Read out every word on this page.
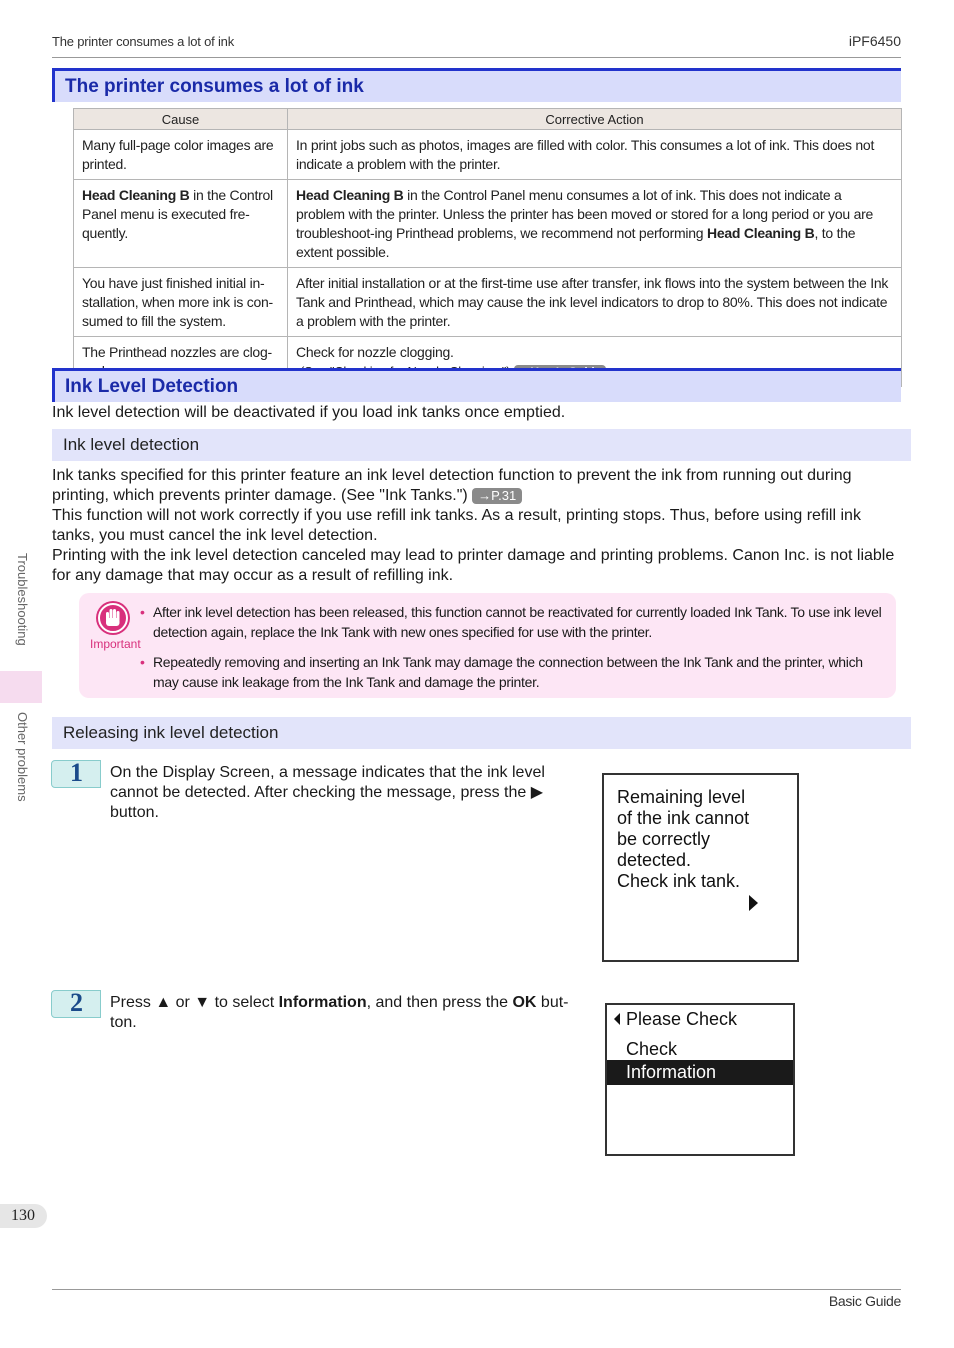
The printer consumes a lot of ink	iPF6450
The printer consumes a lot of ink
Cause	Corrective Action
Many full-page color images are printed.	In print jobs such as photos, images are filled with color. This consumes a lot of ink. This does not indicate a problem with the printer.
Head Cleaning B in the Control Panel menu is executed fre-quently.	Head Cleaning B in the Control Panel menu consumes a lot of ink. This does not indicate a problem with the printer. Unless the printer has been moved or stored for a long period or you are troubleshoot-ing Printhead problems, we recommend not performing Head Cleaning B, to the extent possible.
You have just finished initial in-stallation, when more ink is con-sumed to fill the system.	After initial installation or at the first-time use after transfer, ink flows into the system between the Ink Tank and Printhead, which may cause the ink level indicators to drop to 80%. This does not indicate a problem with the printer.
The Printhead nozzles are clog-	Check for nozzle clogging.

Ink Level Detection
Ink level detection will be deactivated if you load ink tanks once emptied.
Ink level detection
Ink tanks specified for this printer feature an ink level detection function to prevent the ink from running out during printing, which prevents printer damage. (See "Ink Tanks.") →P.31
This function will not work correctly if you use refill ink tanks. As a result, printing stops. Thus, before using refill ink tanks, you must cancel the ink level detection.
Printing with the ink level detection canceled may lead to printer damage and printing problems. Canon Inc. is not liable for any damage that may occur as a result of refilling ink.
Important
• After ink level detection has been released, this function cannot be reactivated for currently loaded Ink Tank. To use ink level detection again, replace the Ink Tank with new ones specified for use with the printer.
• Repeatedly removing and inserting an Ink Tank may damage the connection between the Ink Tank and the printer, which may cause ink leakage from the Ink Tank and damage the printer.
Releasing ink level detection
1 On the Display Screen, a message indicates that the ink level cannot be detected. After checking the message, press the ▶ button.
Remaining level
of the ink cannot
be correctly
detected.
Check ink tank.
2 Press ▲ or ▼ to select Information, and then press the OK but-ton.	Please Check
Check
Information
Troubleshooting
Other problems
130
Basic Guide
